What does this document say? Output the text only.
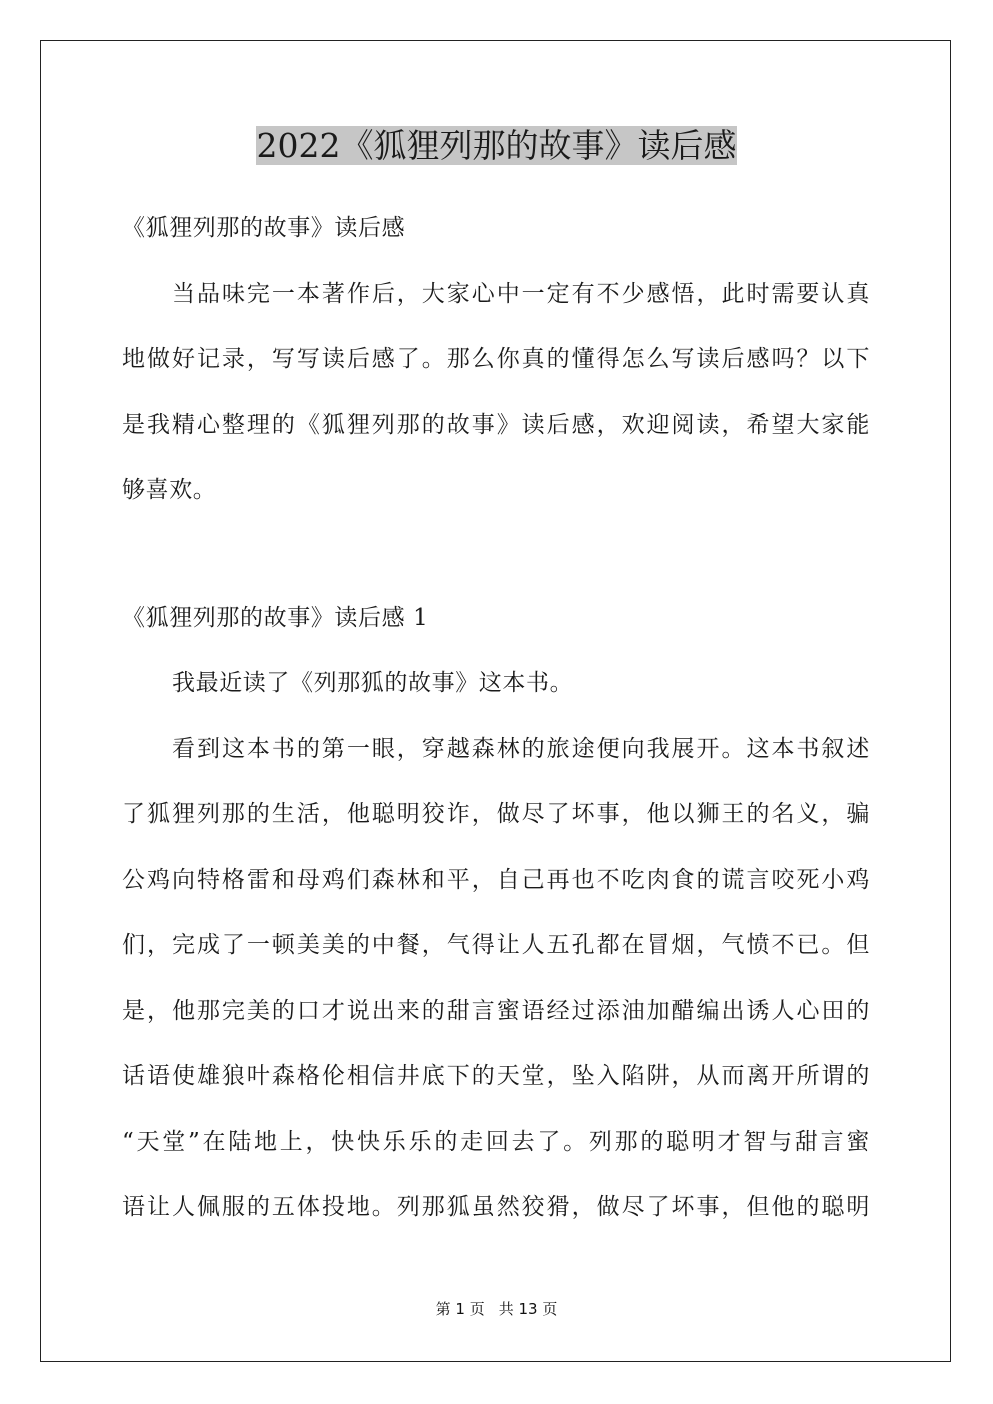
2022《狐狸列那的故事》读后感
《狐狸列那的故事》读后感
当品味完一本著作后，大家心中一定有不少感悟，此时需要认真
地做好记录，写写读后感了。那么你真的懂得怎么写读后感吗？以下
是我精心整理的《狐狸列那的故事》读后感，欢迎阅读，希望大家能
够喜欢。
《狐狸列那的故事》读后感 1
我最近读了《列那狐的故事》这本书。
看到这本书的第一眼，穿越森林的旅途便向我展开。这本书叙述
了狐狸列那的生活，他聪明狡诈，做尽了坏事，他以狮王的名义，骗
公鸡向特格雷和母鸡们森林和平，自己再也不吃肉食的谎言咬死小鸡
们，完成了一顿美美的中餐，气得让人五孔都在冒烟，气愤不已。但
是，他那完美的口才说出来的甜言蜜语经过添油加醋编出诱人心田的
话语使雄狼叶森格伦相信井底下的天堂，坠入陷阱，从而离开所谓的
“天堂”在陆地上，快快乐乐的走回去了。列那的聪明才智与甜言蜜
语让人佩服的五体投地。列那狐虽然狡猾，做尽了坏事，但他的聪明
第 1 页 共 13 页
